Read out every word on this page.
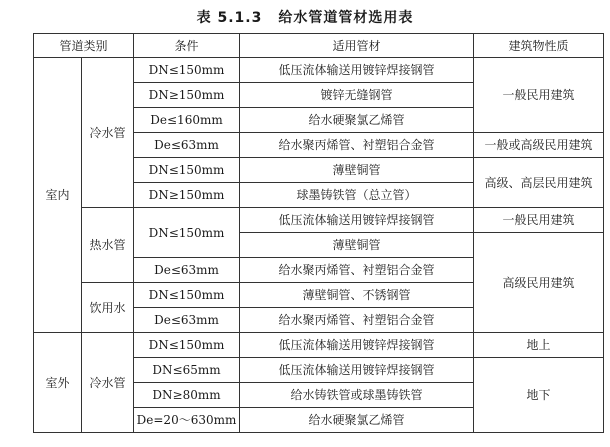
表 5.1.3 给水管道管材选用表
管道类别		条件	适用管材	建筑物性质
室内	冷水管	DN≤150mm	低压流体输送用镀锌焊接钢管	一般民用建筑
		DN≥150mm	镀锌无缝钢管	
		De≤160mm	给水硬聚氯乙烯管	
		De≤63mm	给水聚丙烯管、衬塑铝合金管	一般或高级民用建筑
		DN≤150mm	薄壁铜管	高级、高层民用建筑
		DN≥150mm	球墨铸铁管（总立管）	
	热水管	DN≤150mm	低压流体输送用镀锌焊接钢管	一般民用建筑
			薄壁铜管	高级民用建筑
		De≤63mm	给水聚丙烯管、衬塑铝合金管	
	饮用水	DN≤150mm	薄壁铜管、不锈钢管	
		De≤63mm	给水聚丙烯管、衬塑铝合金管	
室外	冷水管	DN≤150mm	低压流体输送用镀锌焊接钢管	地上
		DN≤65mm	低压流体输送用镀锌焊接钢管	地下
		DN≥80mm	给水铸铁管或球墨铸铁管	
		De=20～630mm	给水硬聚氯乙烯管	
